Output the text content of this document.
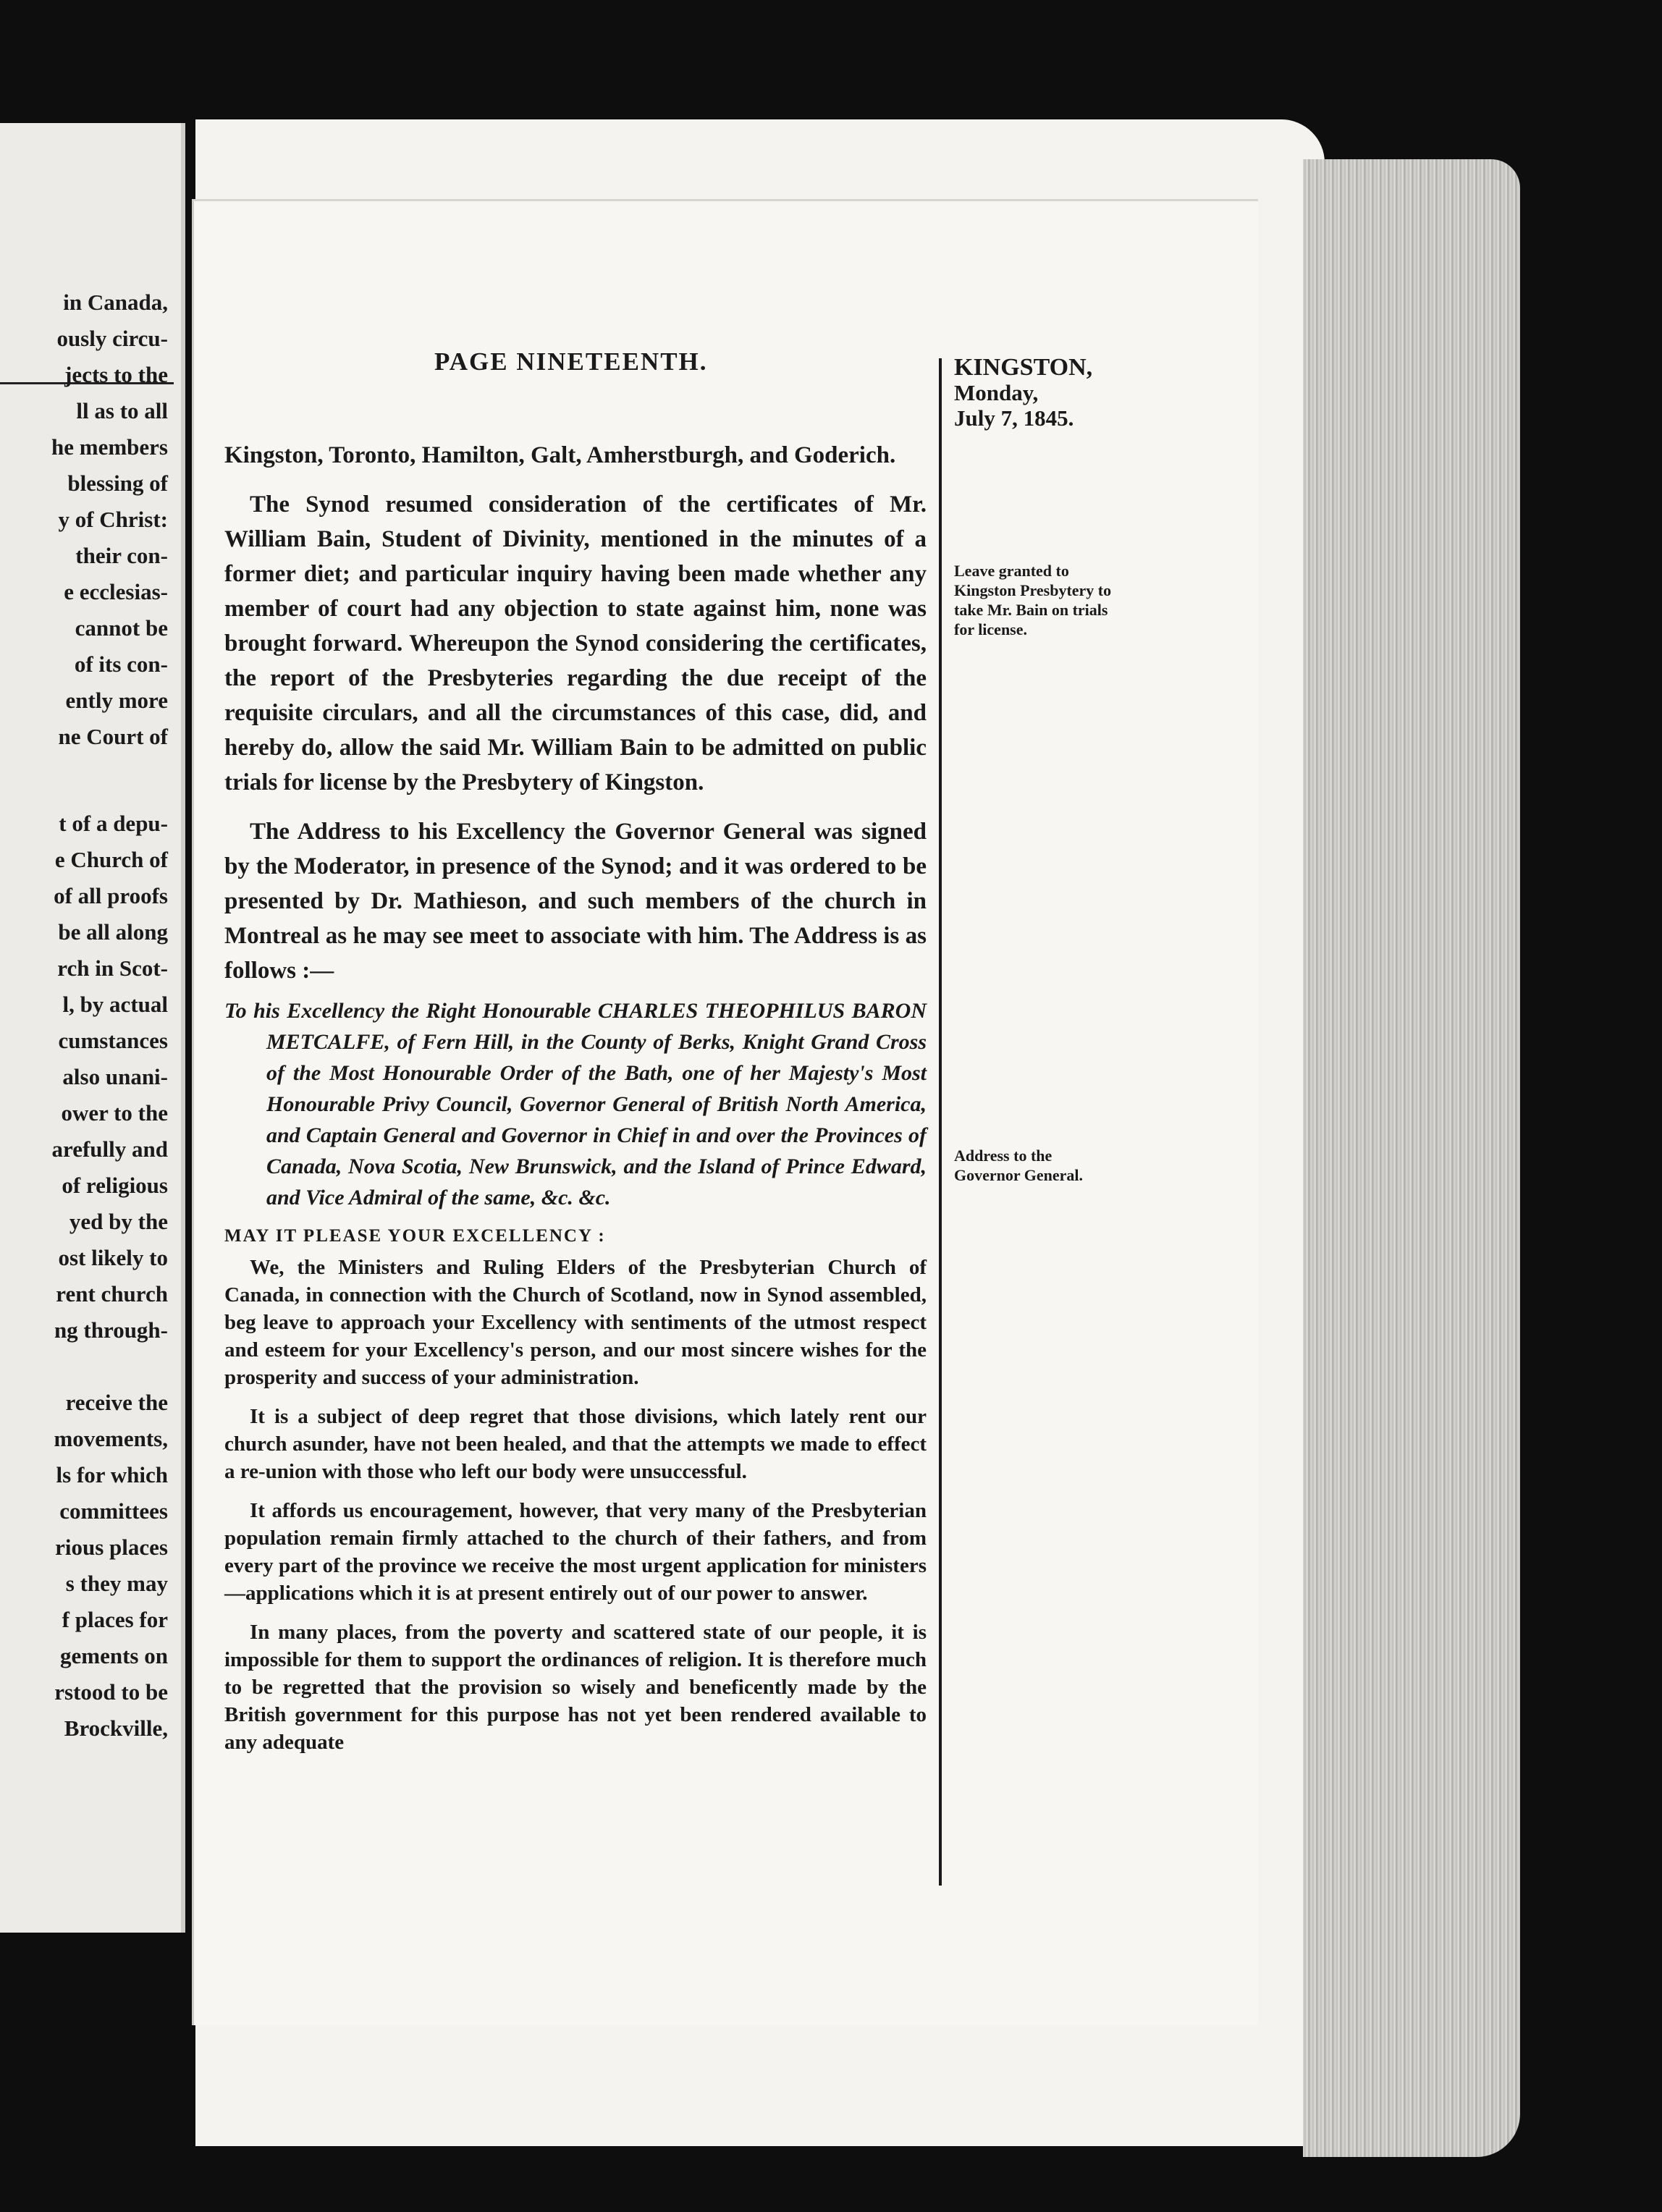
in Canada,
ously circu-
jects to the
ll as to all
he members
blessing of
y of Christ:
their con-
e ecclesias-
cannot be
of its con-
ently more
ne Court of
t of a depu-
e Church of
of all proofs
be all along
rch in Scot-
l, by actual
cumstances
also unani-
ower to the
arefully and
of religious
yed by the
ost likely to
rent church
ng through-
receive the
movements,
ls for which
committees
rious places
s they may
f places for
gements on
rstood to be
Brockville,
PAGE NINETEENTH.	KINGSTON,
Monday,
July 7, 1845.
Leave granted to Kingston Presbytery to take Mr. Bain on trials for license.
Address to the Governor General.

Kingston, Toronto, Hamilton, Galt, Amherstburgh, and Goderich.

The Synod resumed consideration of the certificates of Mr. William Bain, Student of Divinity, mentioned in the minutes of a former diet; and particular inquiry having been made whether any member of court had any objection to state against him, none was brought forward. Whereupon the Synod considering the certificates, the report of the Presbyteries regarding the due receipt of the requisite circulars, and all the circumstances of this case, did, and hereby do, allow the said Mr. William Bain to be admitted on public trials for license by the Presbytery of Kingston.

The Address to his Excellency the Governor General was signed by the Moderator, in presence of the Synod; and it was ordered to be presented by Dr. Mathieson, and such members of the church in Montreal as he may see meet to associate with him. The Address is as follows :—

To his Excellency the Right Honourable CHARLES THEOPHILUS BARON METCALFE, of Fern Hill, in the County of Berks, Knight Grand Cross of the Most Honourable Order of the Bath, one of her Majesty's Most Honourable Privy Council, Governor General of British North America, and Captain General and Governor in Chief in and over the Provinces of Canada, Nova Scotia, New Brunswick, and the Island of Prince Edward, and Vice Admiral of the same, &c. &c.

MAY IT PLEASE YOUR EXCELLENCY :

We, the Ministers and Ruling Elders of the Presbyterian Church of Canada, in connection with the Church of Scotland, now in Synod assembled, beg leave to approach your Excellency with sentiments of the utmost respect and esteem for your Excellency's person, and our most sincere wishes for the prosperity and success of your administration.

It is a subject of deep regret that those divisions, which lately rent our church asunder, have not been healed, and that the attempts we made to effect a re-union with those who left our body were unsuccessful.

It affords us encouragement, however, that very many of the Presbyterian population remain firmly attached to the church of their fathers, and from every part of the province we receive the most urgent application for ministers—applications which it is at present entirely out of our power to answer.

In many places, from the poverty and scattered state of our people, it is impossible for them to support the ordinances of religion. It is therefore much to be regretted that the provision so wisely and beneficently made by the British government for this purpose has not yet been rendered available to any adequate
